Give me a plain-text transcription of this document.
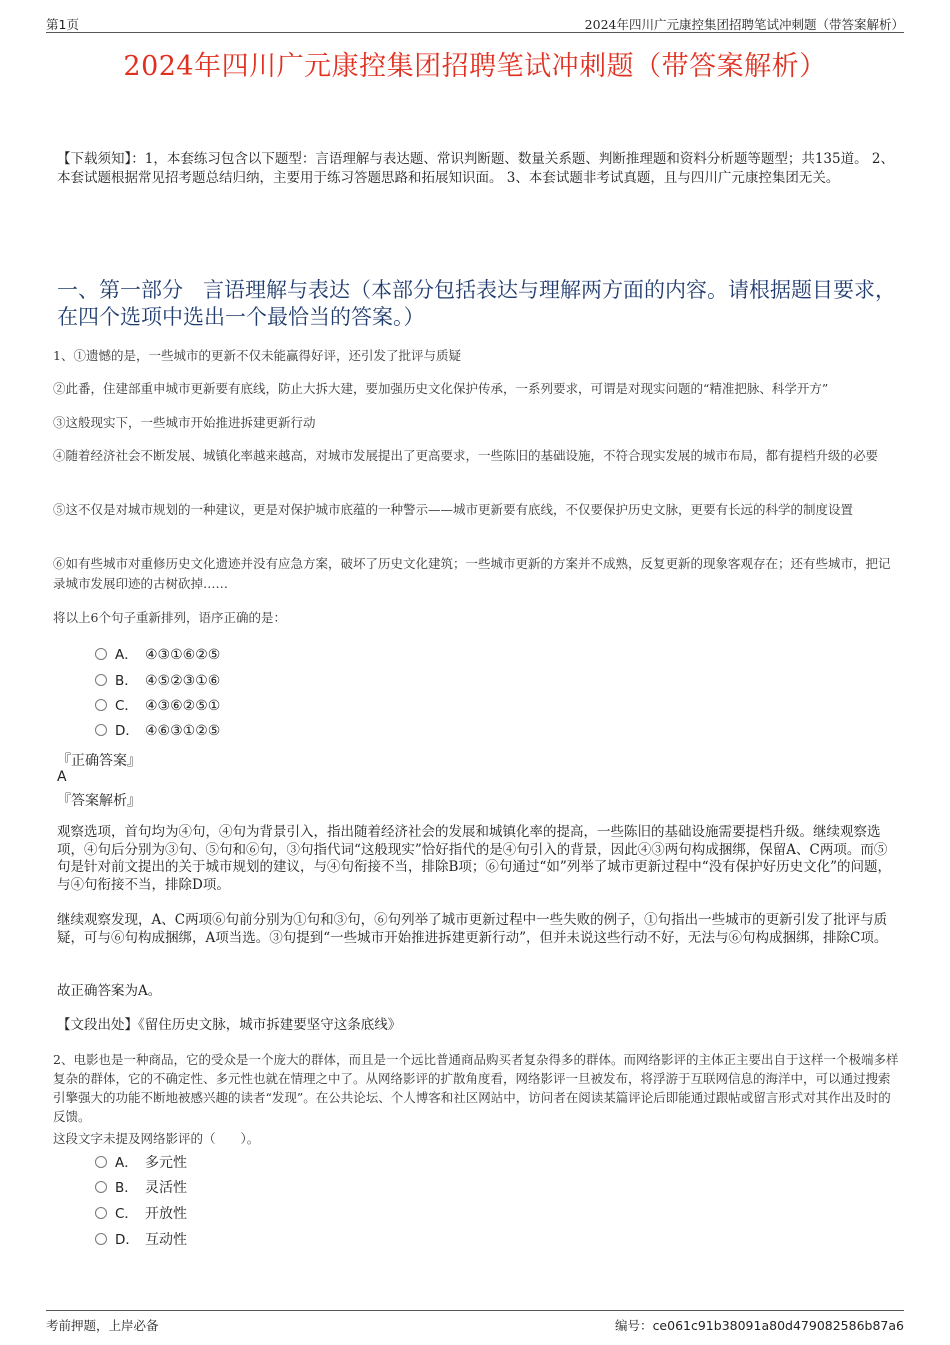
第1页	2024年四川广元康控集团招聘笔试冲刺题（带答案解析）
2024年四川广元康控集团招聘笔试冲刺题（带答案解析）
【下载须知】：1，本套练习包含以下题型：言语理解与表达题、常识判断题、数量关系题、判断推理题和资料分析题等题型；共135道。 2、本套试题根据常见招考题总结归纳，主要用于练习答题思路和拓展知识面。 3、本套试题非考试真题，且与四川广元康控集团无关。
一、第一部分 言语理解与表达（本部分包括表达与理解两方面的内容。请根据题目要求，在四个选项中选出一个最恰当的答案。）
1、①遗憾的是，一些城市的更新不仅未能赢得好评，还引发了批评与质疑
②此番，住建部重申城市更新要有底线，防止大拆大建，要加强历史文化保护传承，一系列要求，可谓是对现实问题的“精准把脉、科学开方”
③这般现实下，一些城市开始推进拆建更新行动
④随着经济社会不断发展、城镇化率越来越高，对城市发展提出了更高要求，一些陈旧的基础设施，不符合现实发展的城市布局，都有提档升级的必要
⑤这不仅是对城市规划的一种建议，更是对保护城市底蕴的一种警示——城市更新要有底线，不仅要保护历史文脉，更要有长远的科学的制度设置
⑥如有些城市对重修历史文化遗迹并没有应急方案，破坏了历史文化建筑；一些城市更新的方案并不成熟，反复更新的现象客观存在；还有些城市，把记录城市发展印迹的古树砍掉……
将以上6个句子重新排列，语序正确的是：
A． ④③①⑥②⑤
B． ④⑤②③①⑥
C． ④③⑥②⑤①
D． ④⑥③①②⑤
『正确答案』
A
『答案解析』
观察选项，首句均为④句，④句为背景引入，指出随着经济社会的发展和城镇化率的提高，一些陈旧的基础设施需要提档升级。继续观察选项，④句后分别为③句、⑤句和⑥句，③句指代词“这般现实”恰好指代的是④句引入的背景，因此④③两句构成捆绑，保留A、C两项。而⑤句是针对前文提出的关于城市规划的建议，与④句衔接不当，排除B项；⑥句通过“如”列举了城市更新过程中“没有保护好历史文化”的问题，与④句衔接不当，排除D项。
继续观察发现，A、C两项⑥句前分别为①句和③句，⑥句列举了城市更新过程中一些失败的例子，①句指出一些城市的更新引发了批评与质疑，可与⑥句构成捆绑，A项当选。③句提到“一些城市开始推进拆建更新行动”，但并未说这些行动不好，无法与⑥句构成捆绑，排除C项。
故正确答案为A。
【文段出处】《留住历史文脉，城市拆建要坚守这条底线》
2、电影也是一种商品，它的受众是一个庞大的群体，而且是一个远比普通商品购买者复杂得多的群体。而网络影评的主体正主要出自于这样一个极端多样复杂的群体，它的不确定性、多元性也就在情理之中了。从网络影评的扩散角度看，网络影评一旦被发布，将浮游于互联网信息的海洋中，可以通过搜索引擎强大的功能不断地被感兴趣的读者“发现”。在公共论坛、个人博客和社区网站中，访问者在阅读某篇评论后即能通过跟帖或留言形式对其作出及时的反馈。
这段文字未提及网络影评的（　　）。
A． 多元性
B． 灵活性
C． 开放性
D． 互动性
考前押题，上岸必备	编号：ce061c91b38091a80d479082586b87a6
